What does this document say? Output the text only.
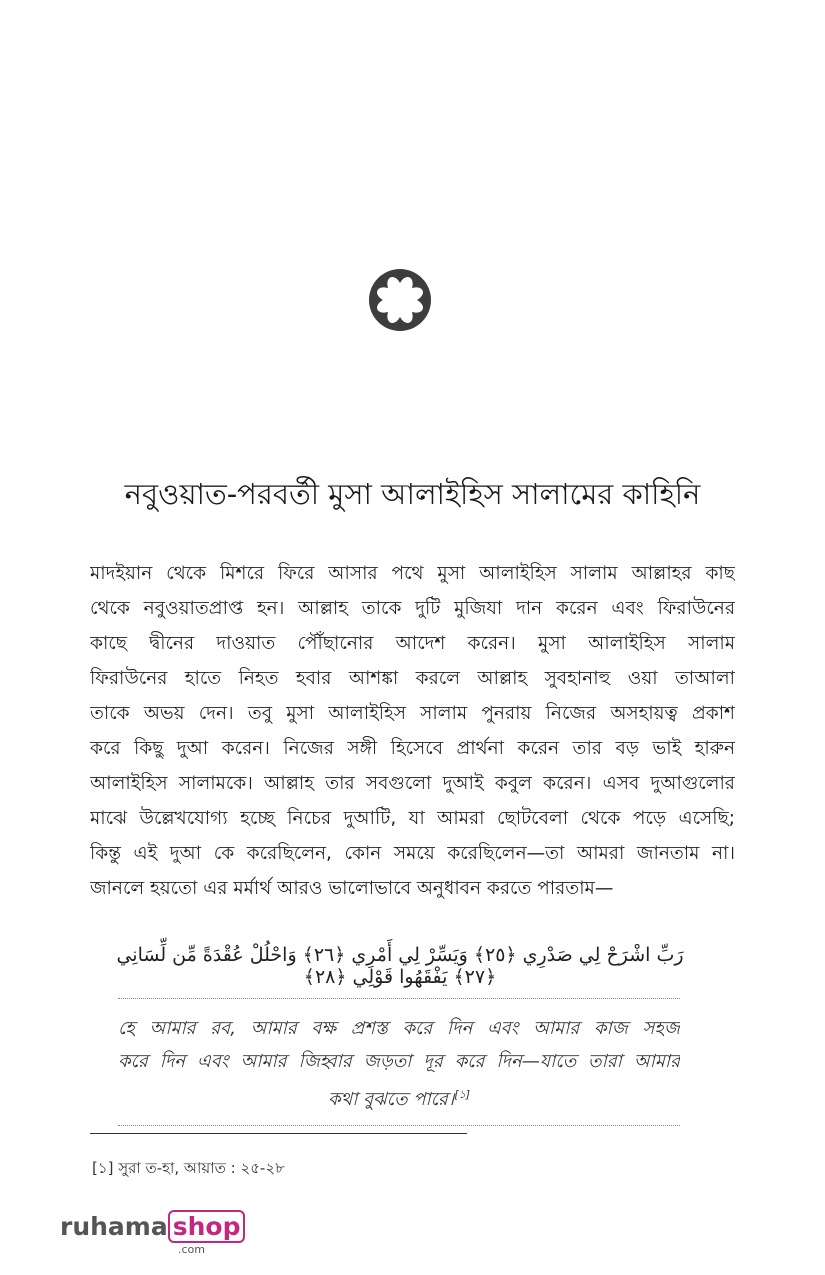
নবুওয়াত-পরবর্তী মুসা আলাইহিস সালামের কাহিনি
মাদইয়ান থেকে মিশরে ফিরে আসার পথে মুসা আলাইহিস সালাম আল্লাহর কাছ
থেকে নবুওয়াতপ্রাপ্ত হন। আল্লাহ তাকে দুটি মুজিযা দান করেন এবং ফিরাউনের
কাছে দ্বীনের দাওয়াত পৌঁছানোর আদেশ করেন। মুসা আলাইহিস সালাম
ফিরাউনের হাতে নিহত হবার আশঙ্কা করলে আল্লাহ সুবহানাহু ওয়া তাআলা
তাকে অভয় দেন। তবু মুসা আলাইহিস সালাম পুনরায় নিজের অসহায়ত্ব প্রকাশ
করে কিছু দুআ করেন। নিজের সঙ্গী হিসেবে প্রার্থনা করেন তার বড় ভাই হারুন
আলাইহিস সালামকে। আল্লাহ তার সবগুলো দুআই কবুল করেন। এসব দুআগুলোর
মাঝে উল্লেখযোগ্য হচ্ছে নিচের দুআটি, যা আমরা ছোটবেলা থেকে পড়ে এসেছি;
কিন্তু এই দুআ কে করেছিলেন, কোন সময়ে করেছিলেন—তা আমরা জানতাম না।
জানলে হয়তো এর মর্মার্থ আরও ভালোভাবে অনুধাবন করতে পারতাম—
رَبِّ اشْرَحْ لِي صَدْرِي ﴿٢٥﴾ وَيَسِّرْ لِي أَمْرِي ﴿٢٦﴾ وَاحْلُلْ عُقْدَةً مِّن لِّسَانِي ﴿٢٧﴾ يَفْقَهُوا قَوْلِي ﴿٢٨﴾
হে আমার রব, আমার বক্ষ প্রশস্ত করে দিন এবং আমার কাজ সহজ
করে দিন এবং আমার জিহ্বার জড়তা দূর করে দিন—যাতে তারা আমার
কথা বুঝতে পারে।[১]
[১] সুরা ত-হা, আয়াত : ২৫-২৮
ruhama shop
.com
